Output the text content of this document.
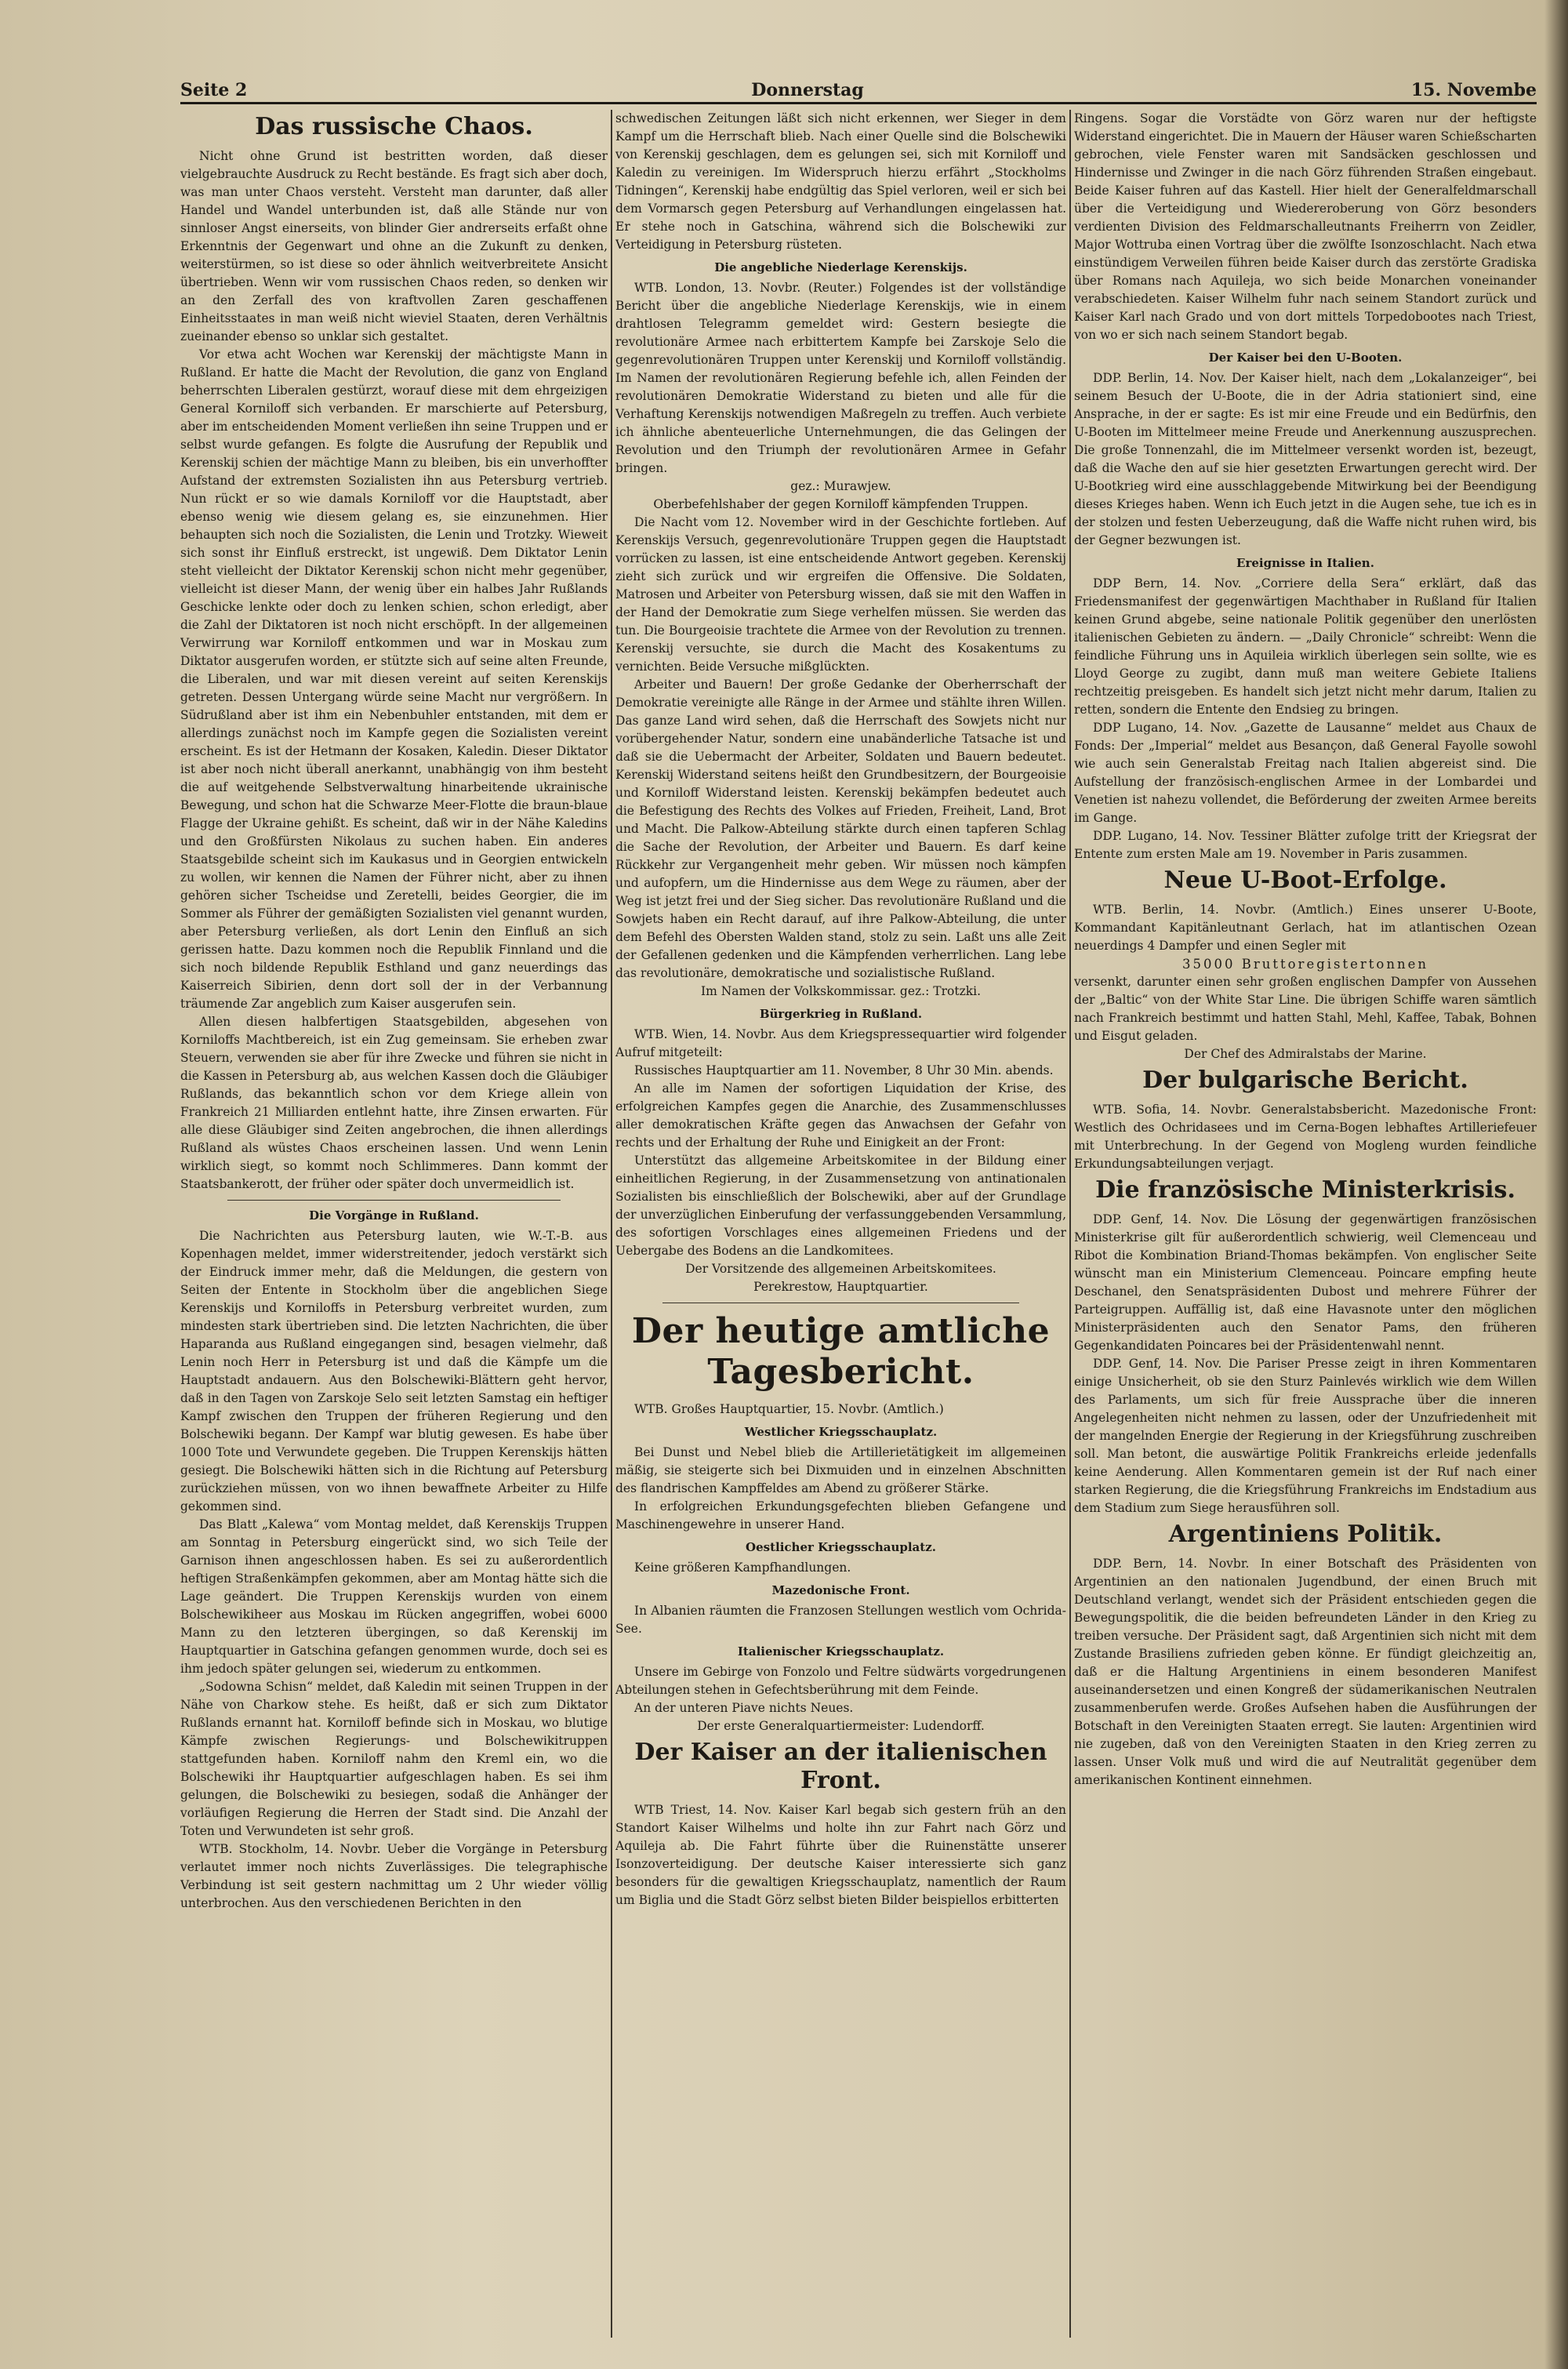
Seite 2	Donnerstag	15. Novembe
Das russische Chaos.

Nicht ohne Grund ist bestritten worden, daß dieser vielgebrauchte Ausdruck zu Recht bestände. Es fragt sich aber doch, was man unter Chaos versteht. Versteht man darunter, daß aller Handel und Wandel unterbunden ist, daß alle Stände nur von sinnloser Angst einerseits, von blinder Gier andrerseits erfaßt ohne Erkenntnis der Gegenwart und ohne an die Zukunft zu denken, weiterstürmen, so ist diese so oder ähnlich weitverbreitete Ansicht übertrieben. Wenn wir vom russischen Chaos reden, so denken wir an den Zerfall des von kraftvollen Zaren geschaffenen Einheitsstaates in man weiß nicht wieviel Staaten, deren Verhältnis zueinander ebenso so unklar sich gestaltet.

Vor etwa acht Wochen war Kerenskij der mächtigste Mann in Rußland. Er hatte die Macht der Revolution, die ganz von England beherrschten Liberalen gestürzt, worauf diese mit dem ehrgeizigen General Korniloff sich verbanden. Er marschierte auf Petersburg, aber im entscheidenden Moment verließen ihn seine Truppen und er selbst wurde gefangen. Es folgte die Ausrufung der Republik und Kerenskij schien der mächtige Mann zu bleiben, bis ein unverhoffter Aufstand der extremsten Sozialisten ihn aus Petersburg vertrieb. Nun rückt er so wie damals Korniloff vor die Hauptstadt, aber ebenso wenig wie diesem gelang es, sie einzunehmen. Hier behaupten sich noch die Sozialisten, die Lenin und Trotzky. Wieweit sich sonst ihr Einfluß erstreckt, ist ungewiß. Dem Diktator Lenin steht vielleicht der Diktator Kerenskij schon nicht mehr gegenüber, vielleicht ist dieser Mann, der wenig über ein halbes Jahr Rußlands Geschicke lenkte oder doch zu lenken schien, schon erledigt, aber die Zahl der Diktatoren ist noch nicht erschöpft. In der allgemeinen Verwirrung war Korniloff entkommen und war in Moskau zum Diktator ausgerufen worden, er stützte sich auf seine alten Freunde, die Liberalen, und war mit diesen vereint auf seiten Kerenskijs getreten. Dessen Untergang würde seine Macht nur vergrößern. In Südrußland aber ist ihm ein Nebenbuhler entstanden, mit dem er allerdings zunächst noch im Kampfe gegen die Sozialisten vereint erscheint. Es ist der Hetmann der Kosaken, Kaledin. Dieser Diktator ist aber noch nicht überall anerkannt, unabhängig von ihm besteht die auf weitgehende Selbstverwaltung hinarbeitende ukrainische Bewegung, und schon hat die Schwarze Meer-Flotte die braun-blaue Flagge der Ukraine gehißt. Es scheint, daß wir in der Nähe Kaledins und den Großfürsten Nikolaus zu suchen haben. Ein anderes Staatsgebilde scheint sich im Kaukasus und in Georgien entwickeln zu wollen, wir kennen die Namen der Führer nicht, aber zu ihnen gehören sicher Tscheidse und Zeretelli, beides Georgier, die im Sommer als Führer der gemäßigten Sozialisten viel genannt wurden, aber Petersburg verließen, als dort Lenin den Einfluß an sich gerissen hatte. Dazu kommen noch die Republik Finnland und die sich noch bildende Republik Esthland und ganz neuerdings das Kaiserreich Sibirien, denn dort soll der in der Verbannung träumende Zar angeblich zum Kaiser ausgerufen sein.

Allen diesen halbfertigen Staatsgebilden, abgesehen von Korniloffs Machtbereich, ist ein Zug gemeinsam. Sie erheben zwar Steuern, verwenden sie aber für ihre Zwecke und führen sie nicht in die Kassen in Petersburg ab, aus welchen Kassen doch die Gläubiger Rußlands, das bekanntlich schon vor dem Kriege allein von Frankreich 21 Milliarden entlehnt hatte, ihre Zinsen erwarten. Für alle diese Gläubiger sind Zeiten angebrochen, die ihnen allerdings Rußland als wüstes Chaos erscheinen lassen. Und wenn Lenin wirklich siegt, so kommt noch Schlimmeres. Dann kommt der Staatsbankerott, der früher oder später doch unvermeidlich ist.

Die Vorgänge in Rußland.

Die Nachrichten aus Petersburg lauten, wie W.-T.-B. aus Kopenhagen meldet, immer widerstreitender, jedoch verstärkt sich der Eindruck immer mehr, daß die Meldungen, die gestern von Seiten der Entente in Stockholm über die angeblichen Siege Kerenskijs und Korniloffs in Petersburg verbreitet wurden, zum mindesten stark übertrieben sind. Die letzten Nachrichten, die über Haparanda aus Rußland eingegangen sind, besagen vielmehr, daß Lenin noch Herr in Petersburg ist und daß die Kämpfe um die Hauptstadt andauern. Aus den Bolschewiki-Blättern geht hervor, daß in den Tagen von Zarskoje Selo seit letzten Samstag ein heftiger Kampf zwischen den Truppen der früheren Regierung und den Bolschewiki begann. Der Kampf war blutig gewesen. Es habe über 1000 Tote und Verwundete gegeben. Die Truppen Kerenskijs hätten gesiegt. Die Bolschewiki hätten sich in die Richtung auf Petersburg zurückziehen müssen, von wo ihnen bewaffnete Arbeiter zu Hilfe gekommen sind.

Das Blatt „Kalewa“ vom Montag meldet, daß Kerenskijs Truppen am Sonntag in Petersburg eingerückt sind, wo sich Teile der Garnison ihnen angeschlossen haben. Es sei zu außerordentlich heftigen Straßenkämpfen gekommen, aber am Montag hätte sich die Lage geändert. Die Truppen Kerenskijs wurden von einem Bolschewikiheer aus Moskau im Rücken angegriffen, wobei 6000 Mann zu den letzteren übergingen, so daß Kerenskij im Hauptquartier in Gatschina gefangen genommen wurde, doch sei es ihm jedoch später gelungen sei, wiederum zu entkommen.

„Sodowna Schisn“ meldet, daß Kaledin mit seinen Truppen in der Nähe von Charkow stehe. Es heißt, daß er sich zum Diktator Rußlands ernannt hat. Korniloff befinde sich in Moskau, wo blutige Kämpfe zwischen Regierungs- und Bolschewikitruppen stattgefunden haben. Korniloff nahm den Kreml ein, wo die Bolschewiki ihr Hauptquartier aufgeschlagen haben. Es sei ihm gelungen, die Bolschewiki zu besiegen, sodaß die Anhänger der vorläufigen Regierung die Herren der Stadt sind. Die Anzahl der Toten und Verwundeten ist sehr groß.

WTB. Stockholm, 14. Novbr. Ueber die Vorgänge in Petersburg verlautet immer noch nichts Zuverlässiges. Die telegraphische Verbindung ist seit gestern nachmittag um 2 Uhr wieder völlig unterbrochen. Aus den verschiedenen Berichten in den

schwedischen Zeitungen läßt sich nicht erkennen, wer Sieger in dem Kampf um die Herrschaft blieb. Nach einer Quelle sind die Bolschewiki von Kerenskij geschlagen, dem es gelungen sei, sich mit Korniloff und Kaledin zu vereinigen. Im Widerspruch hierzu erfährt „Stockholms Tidningen“, Kerenskij habe endgültig das Spiel verloren, weil er sich bei dem Vormarsch gegen Petersburg auf Verhandlungen eingelassen hat. Er stehe noch in Gatschina, während sich die Bolschewiki zur Verteidigung in Petersburg rüsteten.

Die angebliche Niederlage Kerenskijs.

WTB. London, 13. Novbr. (Reuter.) Folgendes ist der vollständige Bericht über die angebliche Niederlage Kerenskijs, wie in einem drahtlosen Telegramm gemeldet wird: Gestern besiegte die revolutionäre Armee nach erbittertem Kampfe bei Zarskoje Selo die gegenrevolutionären Truppen unter Kerenskij und Korniloff vollständig. Im Namen der revolutionären Regierung befehle ich, allen Feinden der revolutionären Demokratie Widerstand zu bieten und alle für die Verhaftung Kerenskijs notwendigen Maßregeln zu treffen. Auch verbiete ich ähnliche abenteuerliche Unternehmungen, die das Gelingen der Revolution und den Triumph der revolutionären Armee in Gefahr bringen.

gez.: Murawjew.

Oberbefehlshaber der gegen Korniloff kämpfenden Truppen.

Die Nacht vom 12. November wird in der Geschichte fortleben. Auf Kerenskijs Versuch, gegenrevolutionäre Truppen gegen die Hauptstadt vorrücken zu lassen, ist eine entscheidende Antwort gegeben. Kerenskij zieht sich zurück und wir ergreifen die Offensive. Die Soldaten, Matrosen und Arbeiter von Petersburg wissen, daß sie mit den Waffen in der Hand der Demokratie zum Siege verhelfen müssen. Sie werden das tun. Die Bourgeoisie trachtete die Armee von der Revolution zu trennen. Kerenskij versuchte, sie durch die Macht des Kosakentums zu vernichten. Beide Versuche mißglückten.

Arbeiter und Bauern! Der große Gedanke der Oberherrschaft der Demokratie vereinigte alle Ränge in der Armee und stählte ihren Willen. Das ganze Land wird sehen, daß die Herrschaft des Sowjets nicht nur vorübergehender Natur, sondern eine unabänderliche Tatsache ist und daß sie die Uebermacht der Arbeiter, Soldaten und Bauern bedeutet. Kerenskij Widerstand seitens heißt den Grundbesitzern, der Bourgeoisie und Korniloff Widerstand leisten. Kerenskij bekämpfen bedeutet auch die Befestigung des Rechts des Volkes auf Frieden, Freiheit, Land, Brot und Macht. Die Palkow-Abteilung stärkte durch einen tapferen Schlag die Sache der Revolution, der Arbeiter und Bauern. Es darf keine Rückkehr zur Vergangenheit mehr geben. Wir müssen noch kämpfen und aufopfern, um die Hindernisse aus dem Wege zu räumen, aber der Weg ist jetzt frei und der Sieg sicher. Das revolutionäre Rußland und die Sowjets haben ein Recht darauf, auf ihre Palkow-Abteilung, die unter dem Befehl des Obersten Walden stand, stolz zu sein. Laßt uns alle Zeit der Gefallenen gedenken und die Kämpfenden verherrlichen. Lang lebe das revolutionäre, demokratische und sozialistische Rußland.

Im Namen der Volkskommissar. gez.: Trotzki.

Bürgerkrieg in Rußland.

WTB. Wien, 14. Novbr. Aus dem Kriegspressequartier wird folgender Aufruf mitgeteilt:

Russisches Hauptquartier am 11. November, 8 Uhr 30 Min. abends.

An alle im Namen der sofortigen Liquidation der Krise, des erfolgreichen Kampfes gegen die Anarchie, des Zusammenschlusses aller demokratischen Kräfte gegen das Anwachsen der Gefahr von rechts und der Erhaltung der Ruhe und Einigkeit an der Front:

Unterstützt das allgemeine Arbeitskomitee in der Bildung einer einheitlichen Regierung, in der Zusammensetzung von antinationalen Sozialisten bis einschließlich der Bolschewiki, aber auf der Grundlage der unverzüglichen Einberufung der verfassunggebenden Versammlung, des sofortigen Vorschlages eines allgemeinen Friedens und der Uebergabe des Bodens an die Landkomitees.

Der Vorsitzende des allgemeinen Arbeitskomitees.

Perekrestow, Hauptquartier.

Der heutige amtliche Tagesbericht.

WTB. Großes Hauptquartier, 15. Novbr. (Amtlich.)

Westlicher Kriegsschauplatz.

Bei Dunst und Nebel blieb die Artillerietätigkeit im allgemeinen mäßig, sie steigerte sich bei Dixmuiden und in einzelnen Abschnitten des flandrischen Kampffeldes am Abend zu größerer Stärke.

In erfolgreichen Erkundungsgefechten blieben Gefangene und Maschinengewehre in unserer Hand.

Oestlicher Kriegsschauplatz.

Keine größeren Kampfhandlungen.

Mazedonische Front.

In Albanien räumten die Franzosen Stellungen westlich vom Ochrida-See.

Italienischer Kriegsschauplatz.

Unsere im Gebirge von Fonzolo und Feltre südwärts vorgedrungenen Abteilungen stehen in Gefechtsberührung mit dem Feinde.

An der unteren Piave nichts Neues.

Der erste Generalquartiermeister: Ludendorff.

Der Kaiser an der italienischen Front.

WTB Triest, 14. Nov. Kaiser Karl begab sich gestern früh an den Standort Kaiser Wilhelms und holte ihn zur Fahrt nach Görz und Aquileja ab. Die Fahrt führte über die Ruinenstätte unserer Isonzoverteidigung. Der deutsche Kaiser interessierte sich ganz besonders für die gewaltigen Kriegsschauplatz, namentlich der Raum um Biglia und die Stadt Görz selbst bieten Bilder beispiellos erbitterten

Ringens. Sogar die Vorstädte von Görz waren nur der heftigste Widerstand eingerichtet. Die in Mauern der Häuser waren Schießscharten gebrochen, viele Fenster waren mit Sandsäcken geschlossen und Hindernisse und Zwinger in die nach Görz führenden Straßen eingebaut. Beide Kaiser fuhren auf das Kastell. Hier hielt der Generalfeldmarschall über die Verteidigung und Wiedereroberung von Görz besonders verdienten Division des Feldmarschalleutnants Freiherrn von Zeidler, Major Wottruba einen Vortrag über die zwölfte Isonzoschlacht. Nach etwa einstündigem Verweilen führen beide Kaiser durch das zerstörte Gradiska über Romans nach Aquileja, wo sich beide Monarchen voneinander verabschiedeten. Kaiser Wilhelm fuhr nach seinem Standort zurück und Kaiser Karl nach Grado und von dort mittels Torpedobootes nach Triest, von wo er sich nach seinem Standort begab.

Der Kaiser bei den U-Booten.

DDP. Berlin, 14. Nov. Der Kaiser hielt, nach dem „Lokalanzeiger“, bei seinem Besuch der U-Boote, die in der Adria stationiert sind, eine Ansprache, in der er sagte: Es ist mir eine Freude und ein Bedürfnis, den U-Booten im Mittelmeer meine Freude und Anerkennung auszusprechen. Die große Tonnenzahl, die im Mittelmeer versenkt worden ist, bezeugt, daß die Wache den auf sie hier gesetzten Erwartungen gerecht wird. Der U-Bootkrieg wird eine ausschlaggebende Mitwirkung bei der Beendigung dieses Krieges haben. Wenn ich Euch jetzt in die Augen sehe, tue ich es in der stolzen und festen Ueberzeugung, daß die Waffe nicht ruhen wird, bis der Gegner bezwungen ist.

Ereignisse in Italien.

DDP Bern, 14. Nov. „Corriere della Sera“ erklärt, daß das Friedensmanifest der gegenwärtigen Machthaber in Rußland für Italien keinen Grund abgebe, seine nationale Politik gegenüber den unerlösten italienischen Gebieten zu ändern. — „Daily Chronicle“ schreibt: Wenn die feindliche Führung uns in Aquileia wirklich überlegen sein sollte, wie es Lloyd George zu zugibt, dann muß man weitere Gebiete Italiens rechtzeitig preisgeben. Es handelt sich jetzt nicht mehr darum, Italien zu retten, sondern die Entente den Endsieg zu bringen.

DDP Lugano, 14. Nov. „Gazette de Lausanne“ meldet aus Chaux de Fonds: Der „Imperial“ meldet aus Besançon, daß General Fayolle sowohl wie auch sein Generalstab Freitag nach Italien abgereist sind. Die Aufstellung der französisch-englischen Armee in der Lombardei und Venetien ist nahezu vollendet, die Beförderung der zweiten Armee bereits im Gange.

DDP. Lugano, 14. Nov. Tessiner Blätter zufolge tritt der Kriegsrat der Entente zum ersten Male am 19. November in Paris zusammen.

Neue U-Boot-Erfolge.

WTB. Berlin, 14. Novbr. (Amtlich.) Eines unserer U-Boote, Kommandant Kapitänleutnant Gerlach, hat im atlantischen Ozean neuerdings 4 Dampfer und einen Segler mit

35000 Bruttoregistertonnen

versenkt, darunter einen sehr großen englischen Dampfer von Aussehen der „Baltic“ von der White Star Line. Die übrigen Schiffe waren sämtlich nach Frankreich bestimmt und hatten Stahl, Mehl, Kaffee, Tabak, Bohnen und Eisgut geladen.

Der Chef des Admiralstabs der Marine.

Der bulgarische Bericht.

WTB. Sofia, 14. Novbr. Generalstabsbericht. Mazedonische Front: Westlich des Ochridasees und im Cerna-Bogen lebhaftes Artilleriefeuer mit Unterbrechung. In der Gegend von Mogleng wurden feindliche Erkundungsabteilungen verjagt.

Die französische Ministerkrisis.

DDP. Genf, 14. Nov. Die Lösung der gegenwärtigen französischen Ministerkrise gilt für außerordentlich schwierig, weil Clemenceau und Ribot die Kombination Briand-Thomas bekämpfen. Von englischer Seite wünscht man ein Ministerium Clemenceau. Poincare empfing heute Deschanel, den Senatspräsidenten Dubost und mehrere Führer der Parteigruppen. Auffällig ist, daß eine Havasnote unter den möglichen Ministerpräsidenten auch den Senator Pams, den früheren Gegenkandidaten Poincares bei der Präsidentenwahl nennt.

DDP. Genf, 14. Nov. Die Pariser Presse zeigt in ihren Kommentaren einige Unsicherheit, ob sie den Sturz Painlevés wirklich wie dem Willen des Parlaments, um sich für freie Aussprache über die inneren Angelegenheiten nicht nehmen zu lassen, oder der Unzufriedenheit mit der mangelnden Energie der Regierung in der Kriegsführung zuschreiben soll. Man betont, die auswärtige Politik Frankreichs erleide jedenfalls keine Aenderung. Allen Kommentaren gemein ist der Ruf nach einer starken Regierung, die die Kriegsführung Frankreichs im Endstadium aus dem Stadium zum Siege herausführen soll.

Argentiniens Politik.

DDP. Bern, 14. Novbr. In einer Botschaft des Präsidenten von Argentinien an den nationalen Jugendbund, der einen Bruch mit Deutschland verlangt, wendet sich der Präsident entschieden gegen die Bewegungspolitik, die die beiden befreundeten Länder in den Krieg zu treiben versuche. Der Präsident sagt, daß Argentinien sich nicht mit dem Zustande Brasiliens zufrieden geben könne. Er fündigt gleichzeitig an, daß er die Haltung Argentiniens in einem besonderen Manifest auseinandersetzen und einen Kongreß der südamerikanischen Neutralen zusammenberufen werde. Großes Aufsehen haben die Ausführungen der Botschaft in den Vereinigten Staaten erregt. Sie lauten: Argentinien wird nie zugeben, daß von den Vereinigten Staaten in den Krieg zerren zu lassen. Unser Volk muß und wird die auf Neutralität gegenüber dem amerikanischen Kontinent einnehmen.
